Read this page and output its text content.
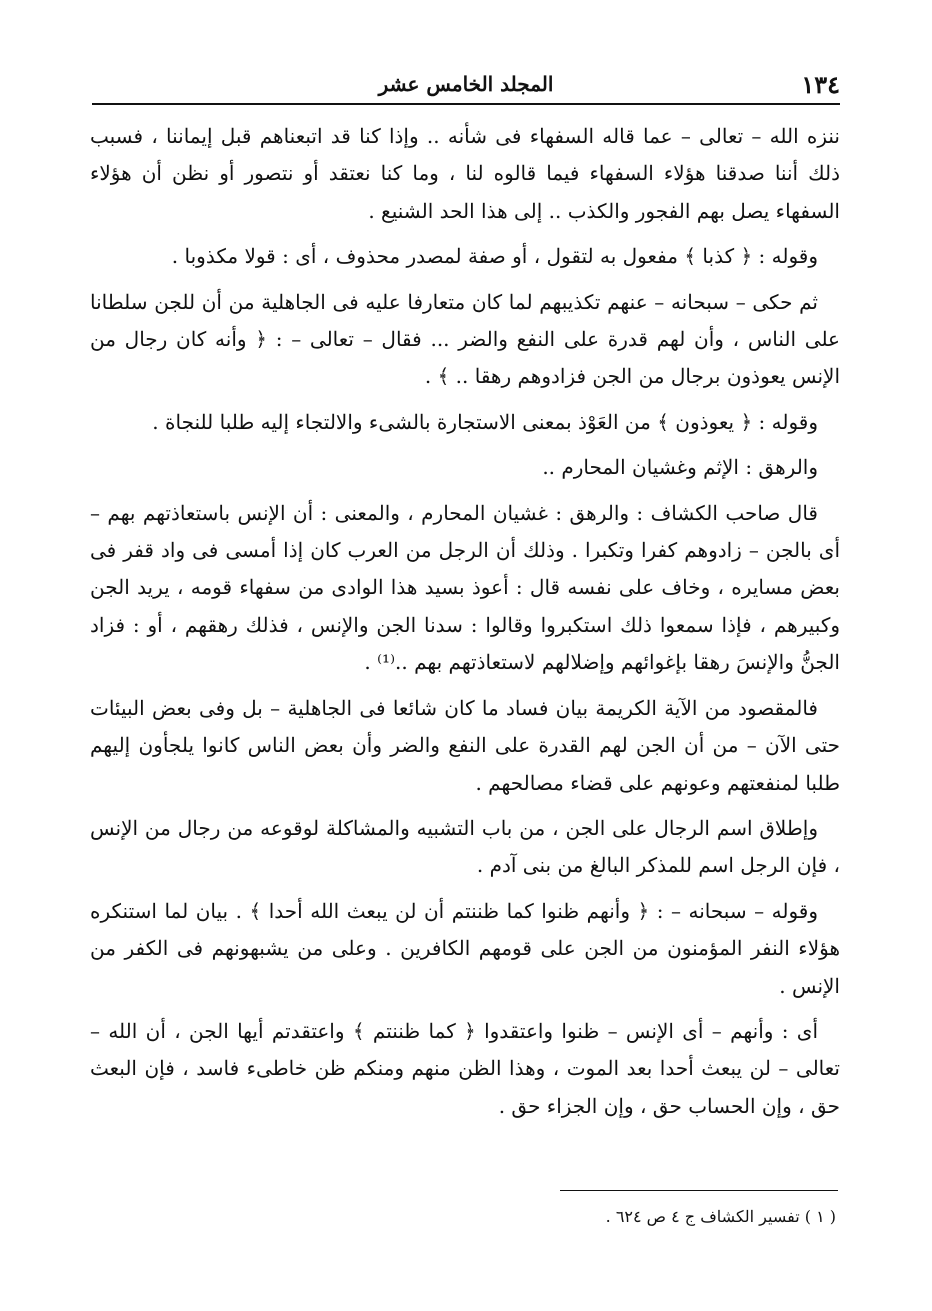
١٣٤
المجلد الخامس عشر

ننزه الله – تعالى – عما قاله السفهاء فى شأنه .. وإذا كنا قد اتبعناهم قبل إيماننا ، فسبب ذلك أننا صدقنا هؤلاء السفهاء فيما قالوه لنا ، وما كنا نعتقد أو نتصور أو نظن أن هؤلاء السفهاء يصل بهم الفجور والكذب .. إلى هذا الحد الشنيع .

وقوله : ﴿ كذبا ﴾ مفعول به لتقول ، أو صفة لمصدر محذوف ، أى : قولا مكذوبا .

ثم حكى – سبحانه – عنهم تكذيبهم لما كان متعارفا عليه فى الجاهلية من أن للجن سلطانا على الناس ، وأن لهم قدرة على النفع والضر ... فقال – تعالى – : ﴿ وأنه كان رجال من الإنس يعوذون برجال من الجن فزادوهم رهقا .. ﴾ .

وقوله : ﴿ يعوذون ﴾ من العَوْذ بمعنى الاستجارة بالشىء والالتجاء إليه طلبا للنجاة .

والرهق : الإثم وغشيان المحارم ..

قال صاحب الكشاف : والرهق : غشيان المحارم ، والمعنى : أن الإنس باستعاذتهم بهم – أى بالجن – زادوهم كفرا وتكبرا . وذلك أن الرجل من العرب كان إذا أمسى فى واد قفر فى بعض مسايره ، وخاف على نفسه قال : أعوذ بسيد هذا الوادى من سفهاء قومه ، يريد الجن وكبيرهم ، فإذا سمعوا ذلك استكبروا وقالوا : سدنا الجن والإنس ، فذلك رهقهم ، أو : فزاد الجنُّ والإنسَ رهقا بإغوائهم وإضلالهم لاستعاذتهم بهم ..⁽¹⁾ .

فالمقصود من الآية الكريمة بيان فساد ما كان شائعا فى الجاهلية – بل وفى بعض البيئات حتى الآن – من أن الجن لهم القدرة على النفع والضر وأن بعض الناس كانوا يلجأون إليهم طلبا لمنفعتهم وعونهم على قضاء مصالحهم .

وإطلاق اسم الرجال على الجن ، من باب التشبيه والمشاكلة لوقوعه من رجال من الإنس ، فإن الرجل اسم للمذكر البالغ من بنى آدم .

وقوله – سبحانه – : ﴿ وأنهم ظنوا كما ظننتم أن لن يبعث الله أحدا ﴾ . بيان لما استنكره هؤلاء النفر المؤمنون من الجن على قومهم الكافرين . وعلى من يشبهونهم فى الكفر من الإنس .

أى : وأنهم – أى الإنس – ظنوا واعتقدوا ﴿ كما ظننتم ﴾ واعتقدتم أيها الجن ، أن الله – تعالى – لن يبعث أحدا بعد الموت ، وهذا الظن منهم ومنكم ظن خاطىء فاسد ، فإن البعث حق ، وإن الحساب حق ، وإن الجزاء حق .

( ١ ) تفسير الكشاف ج ٤ ص ٦٢٤ .
